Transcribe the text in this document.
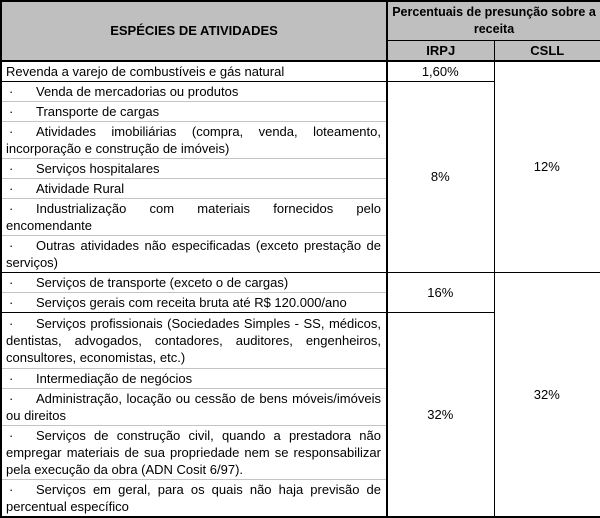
ESPÉCIES DE ATIVIDADES	Percentuais de presunção sobre a receita	
	IRPJ	CSLL
Revenda a varejo de combustíveis e gás natural	1,60%	12%
· Venda de mercadorias ou produtos	8%	
· Transporte de cargas		
· Atividades imobiliárias (compra, venda, loteamento, incorporação e construção de imóveis)		
· Serviços hospitalares		
· Atividade Rural		
· Industrialização com materiais fornecidos pelo encomendante		
· Outras atividades não especificadas (exceto prestação de serviços)		
· Serviços de transporte (exceto o de cargas)	16%	32%
· Serviços gerais com receita bruta até R$ 120.000/ano		
· Serviços profissionais (Sociedades Simples - SS, médicos, dentistas, advogados, contadores, auditores, engenheiros, consultores, economistas, etc.)	32%	
· Intermediação de negócios		
· Administração, locação ou cessão de bens móveis/imóveis ou direitos		
· Serviços de construção civil, quando a prestadora não empregar materiais de sua propriedade nem se responsabilizar pela execução da obra (ADN Cosit 6/97).		
· Serviços em geral, para os quais não haja previsão de percentual específico		
